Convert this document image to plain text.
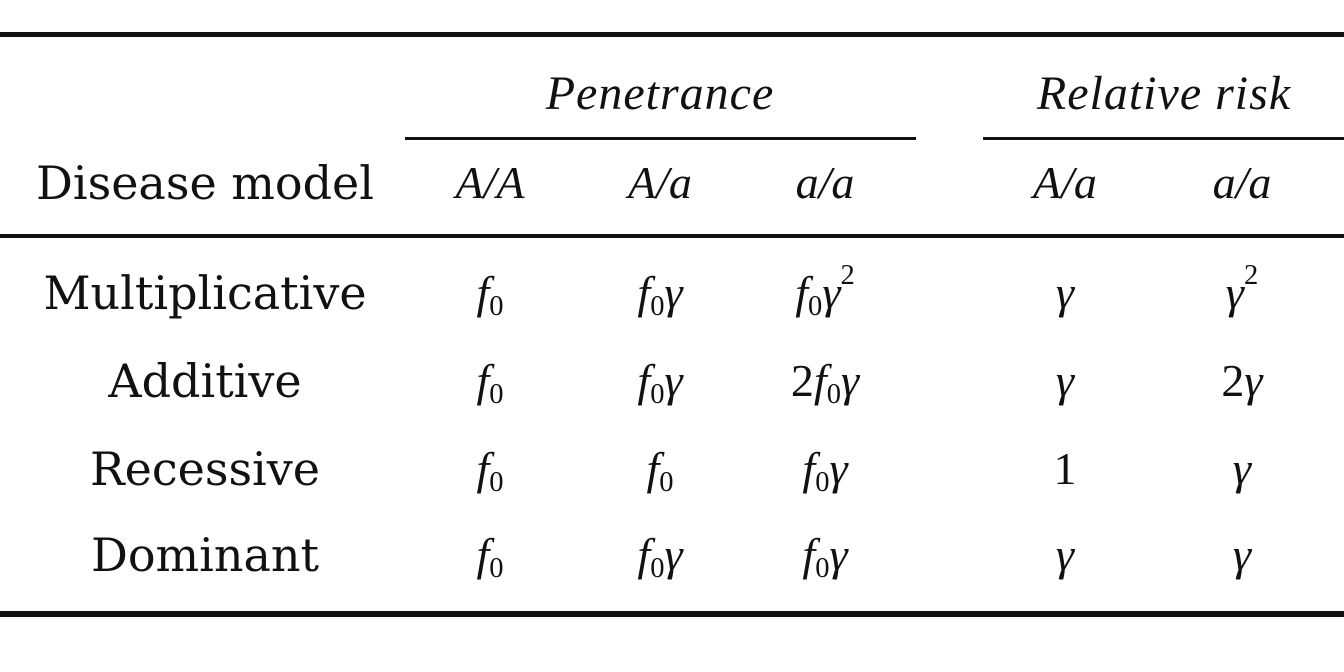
Penetrance	Relative risk
Disease model	A/A	A/a	a/a	A/a	a/a
Multiplicative	$f_0$	$f_0\gamma$	$f_0\gamma^2$	γ	$\gamma^2$
Additive	$f_0$	$f_0\gamma$	$2f_0\gamma$	γ	2γ
Recessive	$f_0$	$f_0$	$f_0\gamma$	1	γ
Dominant	$f_0$	$f_0\gamma$	$f_0\gamma$	γ	γ
